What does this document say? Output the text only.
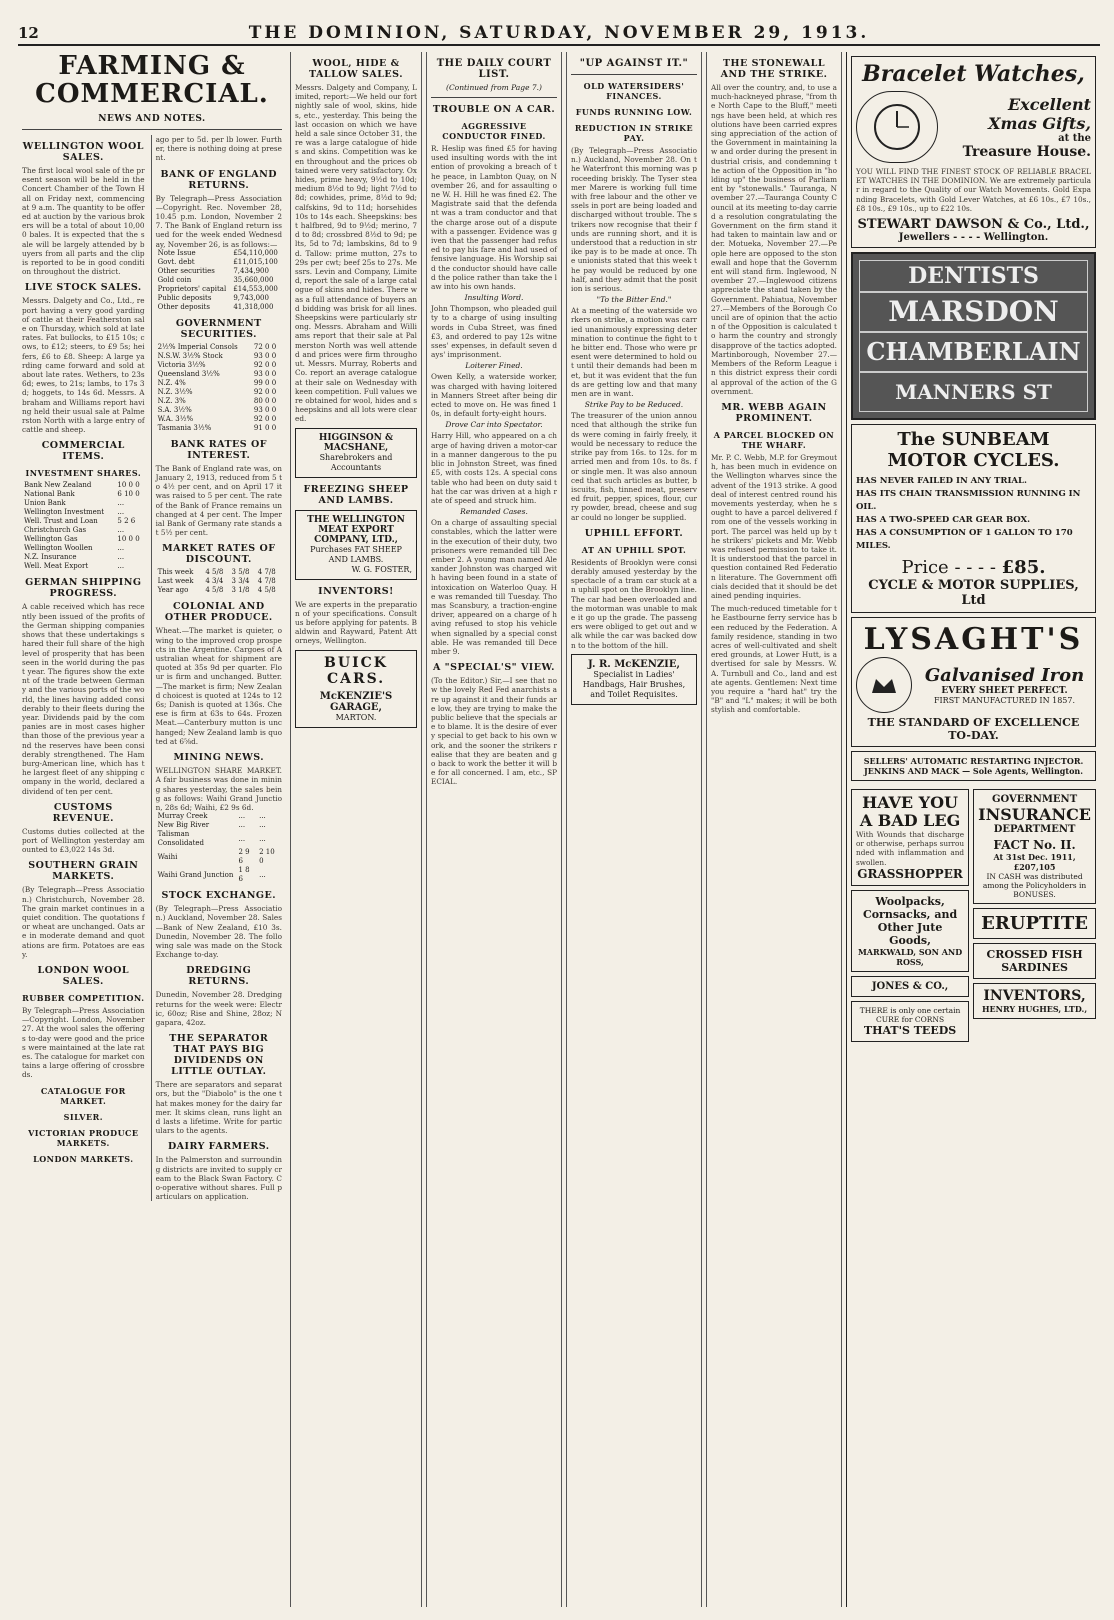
12	THE DOMINION, SATURDAY, NOVEMBER 29, 1913.
FARMING & COMMERCIAL.
NEWS AND NOTES.
WELLINGTON WOOL SALES.
The first local wool sale of the present season will be held in the Concert Chamber of the Town Hall on Friday next, commencing at 9 a.m. The quantity to be offered at auction by the various brokers will be a total of about 10,000 bales. It is expected that the sale will be largely attended by buyers from all parts and the clip is reported to be in good condition throughout the district.
LIVE STOCK SALES.
Messrs. Dalgety and Co., Ltd., report having a very good yarding of cattle at their Featherston sale on Thursday, which sold at late rates. Fat bullocks, to £15 10s; cows, to £12; steers, to £9 5s; heifers, £6 to £8. Sheep: A large yarding came forward and sold at about late rates. Wethers, to 23s 6d; ewes, to 21s; lambs, to 17s 3d; hoggets, to 14s 6d. Messrs. Abraham and Williams report having held their usual sale at Palmerston North with a large entry of cattle and sheep.
COMMERCIAL ITEMS.
INVESTMENT SHARES.
Bank New Zealand	10 0 0
National Bank	6 10 0
Union Bank	...
Wellington Investment	...
Well. Trust and Loan	5 2 6
Christchurch Gas	...
Wellington Gas	10 0 0
Wellington Woollen	...
N.Z. Insurance	...
Well. Meat Export	...
GERMAN SHIPPING PROGRESS.
A cable received which has recently been issued of the profits of the German shipping companies shows that these undertakings shared their full share of the high level of prosperity that has been seen in the world during the past year. The figures show the extent of the trade between Germany and the various ports of the world, the lines having added considerably to their fleets during the year. Dividends paid by the companies are in most cases higher than those of the previous year and the reserves have been considerably strengthened. The Hamburg-American line, which has the largest fleet of any shipping company in the world, declared a dividend of ten per cent.
CUSTOMS REVENUE.
Customs duties collected at the port of Wellington yesterday amounted to £3,022 14s 3d.
SOUTHERN GRAIN MARKETS.
(By Telegraph—Press Association.) Christchurch, November 28. The grain market continues in a quiet condition. The quotations for wheat are unchanged. Oats are in moderate demand and quotations are firm. Potatoes are easy.
LONDON WOOL SALES.
RUBBER COMPETITION.
By Telegraph—Press Association—Copyright. London, November 27. At the wool sales the offerings to-day were good and the prices were maintained at the late rates. The catalogue for market contains a large offering of crossbreds.
CATALOGUE FOR MARKET.
SILVER.
VICTORIAN PRODUCE MARKETS.
LONDON MARKETS.
ago per to 5d. per lb lower. Further, there is nothing doing at present.
BANK OF ENGLAND RETURNS.
By Telegraph—Press Association—Copyright. Rec. November 28, 10.45 p.m. London, November 27. The Bank of England return issued for the week ended Wednesday, November 26, is as follows:—
Note Issue	£54,110,000
Govt. debt	£11,015,100
Other securities	7,434,900
Gold coin	35,660,000
Proprietors' capital	£14,553,000
Public deposits	9,743,000
Other deposits	41,318,000
GOVERNMENT SECURITIES.
2½% Imperial Consols	72 0 0
N.S.W. 3½% Stock	93 0 0
Victoria 3½%	92 0 0
Queensland 3½%	93 0 0
N.Z. 4%	99 0 0
N.Z. 3½%	92 0 0
N.Z. 3%	80 0 0
S.A. 3½%	93 0 0
W.A. 3½%	92 0 0
Tasmania 3½%	91 0 0
BANK RATES OF INTEREST.
The Bank of England rate was, on January 2, 1913, reduced from 5 to 4½ per cent, and on April 17 it was raised to 5 per cent. The rate of the Bank of France remains unchanged at 4 per cent. The Imperial Bank of Germany rate stands at 5½ per cent.
MARKET RATES OF DISCOUNT.
This week	4 5/8	3 5/8	4 7/8
Last week	4 3/4	3 3/4	4 7/8
Year ago	4 5/8	3 1/8	4 5/8
COLONIAL AND OTHER PRODUCE.
Wheat.—The market is quieter, owing to the improved crop prospects in the Argentine. Cargoes of Australian wheat for shipment are quoted at 35s 9d per quarter. Flour is firm and unchanged. Butter.—The market is firm; New Zealand choicest is quoted at 124s to 126s; Danish is quoted at 136s. Cheese is firm at 63s to 64s. Frozen Meat.—Canterbury mutton is unchanged; New Zealand lamb is quoted at 6⅝d.
MINING NEWS.
WELLINGTON SHARE MARKET. A fair business was done in mining shares yesterday, the sales being as follows: Waihi Grand Junction, 28s 6d; Waihi, £2 9s 6d.
Murray Creek	...	...
New Big River	...	...
Talisman Consolidated	...	...
Waihi	2 9 6	2 10 0
Waihi Grand Junction	1 8 6	...
STOCK EXCHANGE.
(By Telegraph—Press Association.) Auckland, November 28. Sales—Bank of New Zealand, £10 3s. Dunedin, November 28. The following sale was made on the Stock Exchange to-day.
DREDGING RETURNS.
Dunedin, November 28. Dredging returns for the week were: Electric, 60oz; Rise and Shine, 28oz; Ngapara, 42oz.
THE SEPARATOR THAT PAYS BIG DIVIDENDS ON LITTLE OUTLAY.
There are separators and separators, but the "Diabolo" is the one that makes money for the dairy farmer. It skims clean, runs light and lasts a lifetime. Write for particulars to the agents.
DAIRY FARMERS.
In the Palmerston and surrounding districts are invited to supply cream to the Black Swan Factory. Co-operative without shares. Full particulars on application.
WOOL, HIDE & TALLOW SALES.
Messrs. Dalgety and Company, Limited, report:—We held our fortnightly sale of wool, skins, hides, etc., yesterday. This being the last occasion on which we have held a sale since October 31, there was a large catalogue of hides and skins. Competition was keen throughout and the prices obtained were very satisfactory. Oxhides, prime heavy, 9½d to 10d; medium 8½d to 9d; light 7½d to 8d; cowhides, prime, 8½d to 9d; calfskins, 9d to 11d; horsehides 10s to 14s each. Sheepskins: best halfbred, 9d to 9½d; merino, 7d to 8d; crossbred 8½d to 9d; pelts, 5d to 7d; lambskins, 8d to 9d. Tallow: prime mutton, 27s to 29s per cwt; beef 25s to 27s. Messrs. Levin and Company, Limited, report the sale of a large catalogue of skins and hides. There was a full attendance of buyers and bidding was brisk for all lines. Sheepskins were particularly strong. Messrs. Abraham and Williams report that their sale at Palmerston North was well attended and prices were firm throughout. Messrs. Murray, Roberts and Co. report an average catalogue at their sale on Wednesday with keen competition. Full values were obtained for wool, hides and sheepskins and all lots were cleared.
HIGGINSON & MACSHANE,
Sharebrokers and Accountants
FREEZING SHEEP AND LAMBS.
THE WELLINGTON MEAT EXPORT COMPANY, LTD.,
Purchases FAT SHEEP AND LAMBS.
W. G. FOSTER,
INVENTORS!
We are experts in the preparation of your specifications. Consult us before applying for patents. Baldwin and Rayward, Patent Attorneys, Wellington.
BUICK CARS.
McKENZIE'S GARAGE,
MARTON.
THE DAILY COURT LIST.
(Continued from Page 7.)
TROUBLE ON A CAR.
AGGRESSIVE CONDUCTOR FINED.
R. Heslip was fined £5 for having used insulting words with the intention of provoking a breach of the peace, in Lambton Quay, on November 26, and for assaulting one W. H. Hill he was fined £2. The Magistrate said that the defendant was a tram conductor and that the charge arose out of a dispute with a passenger. Evidence was given that the passenger had refused to pay his fare and had used offensive language. His Worship said the conductor should have called the police rather than take the law into his own hands.
Insulting Word.
John Thompson, who pleaded guilty to a charge of using insulting words in Cuba Street, was fined £3, and ordered to pay 12s witnesses' expenses, in default seven days' imprisonment.
Loiterer Fined.
Owen Kelly, a waterside worker, was charged with having loitered in Manners Street after being directed to move on. He was fined 10s, in default forty-eight hours.
Drove Car into Spectator.
Harry Hill, who appeared on a charge of having driven a motor-car in a manner dangerous to the public in Johnston Street, was fined £5, with costs 12s. A special constable who had been on duty said that the car was driven at a high rate of speed and struck him.
Remanded Cases.
On a charge of assaulting special constables, which the latter were in the execution of their duty, two prisoners were remanded till December 2. A young man named Alexander Johnston was charged with having been found in a state of intoxication on Waterloo Quay. He was remanded till Tuesday. Thomas Scansbury, a traction-engine driver, appeared on a charge of having refused to stop his vehicle when signalled by a special constable. He was remanded till December 9.
A "SPECIAL'S" VIEW.
(To the Editor.) Sir,—I see that now the lovely Red Fed anarchists are up against it and their funds are low, they are trying to make the public believe that the specials are to blame. It is the desire of every special to get back to his own work, and the sooner the strikers realise that they are beaten and go back to work the better it will be for all concerned. I am, etc., SPECIAL.
"UP AGAINST IT."
OLD WATERSIDERS' FINANCES.
FUNDS RUNNING LOW.
REDUCTION IN STRIKE PAY.
(By Telegraph—Press Association.) Auckland, November 28. On the Waterfront this morning was proceeding briskly. The Tyser steamer Marere is working full time with free labour and the other vessels in port are being loaded and discharged without trouble. The strikers now recognise that their funds are running short, and it is understood that a reduction in strike pay is to be made at once. The unionists stated that this week the pay would be reduced by one half, and they admit that the position is serious.
"To the Bitter End."
At a meeting of the waterside workers on strike, a motion was carried unanimously expressing determination to continue the fight to the bitter end. Those who were present were determined to hold out until their demands had been met, but it was evident that the funds are getting low and that many men are in want.
Strike Pay to be Reduced.
The treasurer of the union announced that although the strike funds were coming in fairly freely, it would be necessary to reduce the strike pay from 16s. to 12s. for married men and from 10s. to 8s. for single men. It was also announced that such articles as butter, biscuits, fish, tinned meat, preserved fruit, pepper, spices, flour, curry powder, bread, cheese and sugar could no longer be supplied.
UPHILL EFFORT.
AT AN UPHILL SPOT.
Residents of Brooklyn were considerably amused yesterday by the spectacle of a tram car stuck at an uphill spot on the Brooklyn line. The car had been overloaded and the motorman was unable to make it go up the grade. The passengers were obliged to get out and walk while the car was backed down to the bottom of the hill.
J. R. McKENZIE,
Specialist in Ladies' Handbags, Hair Brushes, and Toilet Requisites.
THE STONEWALL AND THE STRIKE.
All over the country, and, to use a much-hackneyed phrase, "from the North Cape to the Bluff," meetings have been held, at which resolutions have been carried expressing appreciation of the action of the Government in maintaining law and order during the present industrial crisis, and condemning the action of the Opposition in "holding up" the business of Parliament by "stonewalls." Tauranga, November 27.—Tauranga County Council at its meeting to-day carried a resolution congratulating the Government on the firm stand it had taken to maintain law and order. Motueka, November 27.—People here are opposed to the stonewall and hope that the Government will stand firm. Inglewood, November 27.—Inglewood citizens appreciate the stand taken by the Government. Pahiatua, November 27.—Members of the Borough Council are of opinion that the action of the Opposition is calculated to harm the country and strongly disapprove of the tactics adopted. Martinborough, November 27.—Members of the Reform League in this district express their cordial approval of the action of the Government.
MR. WEBB AGAIN PROMINENT.
A PARCEL BLOCKED ON THE WHARF.
Mr. P. C. Webb, M.P. for Greymouth, has been much in evidence on the Wellington wharves since the advent of the 1913 strike. A good deal of interest centred round his movements yesterday, when he sought to have a parcel delivered from one of the vessels working in port. The parcel was held up by the strikers' pickets and Mr. Webb was refused permission to take it. It is understood that the parcel in question contained Red Federation literature. The Government officials decided that it should be detained pending inquiries.
The much-reduced timetable for the Eastbourne ferry service has been reduced by the Federation. A family residence, standing in two acres of well-cultivated and sheltered grounds, at Lower Hutt, is advertised for sale by Messrs. W. A. Turnbull and Co., land and estate agents. Gentlemen: Next time you require a "hard hat" try the "B" and "L" makes; it will be both stylish and comfortable.
Bracelet Watches,
Excellent
Xmas Gifts,
at the
Treasure House.
YOU WILL FIND THE FINEST STOCK OF RELIABLE BRACELET WATCHES IN THE DOMINION. We are extremely particular in regard to the Quality of our Watch Movements. Gold Expanding Bracelets, with Gold Lever Watches, at £6 10s., £7 10s., £8 10s., £9 10s., up to £22 10s.
STEWART DAWSON & Co., Ltd.,
Jewellers - - - - Wellington.
DENTISTS
MARSDON
CHAMBERLAIN
MANNERS ST
The SUNBEAM MOTOR CYCLES.
HAS NEVER FAILED IN ANY TRIAL.
HAS ITS CHAIN TRANSMISSION RUNNING IN OIL.
HAS A TWO-SPEED CAR GEAR BOX.
HAS A CONSUMPTION OF 1 GALLON TO 170 MILES.
Price - - - - £85.
CYCLE & MOTOR SUPPLIES, Ltd
LYSAGHT'S
Galvanised Iron
EVERY SHEET PERFECT.
FIRST MANUFACTURED IN 1857.
THE STANDARD OF EXCELLENCE TO-DAY.
SELLERS' AUTOMATIC RESTARTING INJECTOR.
JENKINS AND MACK — Sole Agents, Wellington.
HAVE YOU A BAD LEG
With Wounds that discharge or otherwise, perhaps surrounded with inflammation and swollen.
GRASSHOPPER
Woolpacks, Cornsacks, and Other Jute Goods,
MARKWALD, SON AND ROSS,
JONES & CO.,
THERE is only one certain CURE for CORNS
THAT'S TEEDS
GOVERNMENT
INSURANCE
DEPARTMENT
FACT No. II.
At 31st Dec. 1911, £207,105
IN CASH was distributed among the Policyholders in BONUSES.
ERUPTITE
CROSSED FISH SARDINES
INVENTORS,
HENRY HUGHES, LTD.,
